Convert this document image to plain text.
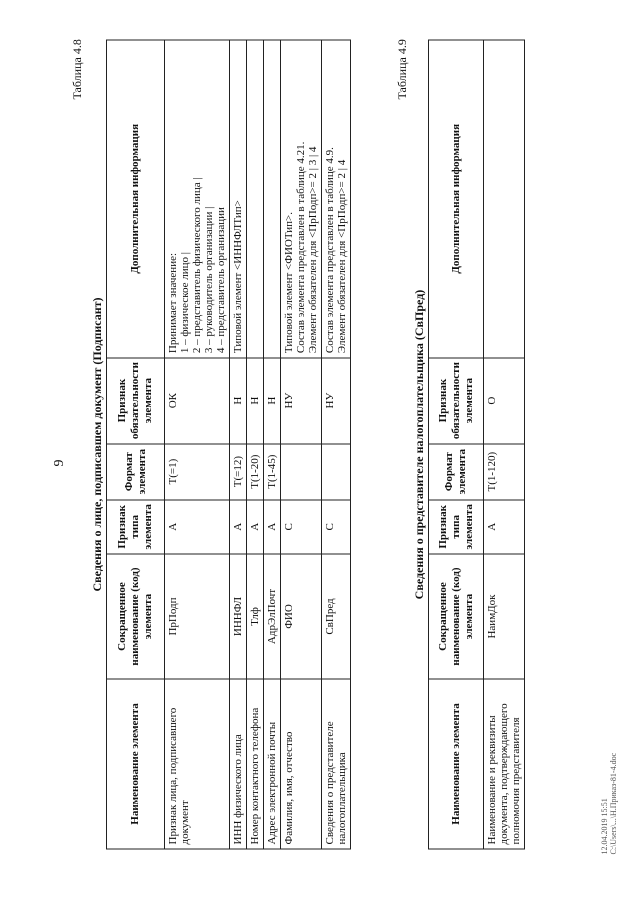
9
Таблица 4.8
Сведения о лице, подписавшем документ (Подписант)
Наименование элемента	Сокращенное наименование (код) элемента	Признак типа элемента	Формат элемента	Признак обязательности элемента	Дополнительная информация
Признак лица, подписавшего документ	ПрПодп	А	T(=1)	ОК	Принимает значение: 1 – физическое лицо | 2 – представитель физического лица | 3 – руководитель организации | 4 – представитель организации

ИНН физического лица	ИННФЛ	А	T(=12)	Н	Типовой элемент <ИННФЛТип>

Номер контактного телефона	Тлф	А	T(1-20)	Н	
Адрес электронной почты	АдрЭлПочт	А	T(1-45)	Н	
Фамилия, имя, отчество	ФИО	С		НУ	Типовой элемент <ФИОТип>. Состав элемента представлен в таблице 4.21. Элемент обязателен для <ПрПодп>= 2 | 3 | 4

Сведения о представителе налогоплательщика	СвПред	С		НУ	Состав элемента представлен в таблице 4.9. Элемент обязателен для <ПрПодп>= 2 | 4
Таблица 4.9
Сведения о представителе налогоплательщика (СвПред)
Наименование элемента	Сокращенное наименование (код) элемента	Признак типа элемента	Формат элемента	Признак обязательности элемента	Дополнительная информация
Наименование и реквизиты документа, подтверждающего полномочия представителя	НаимДок	А	T(1-120)	О	
12.04.2019 15:51 C:\Users\...\Н.Приказ-81-4.doc
